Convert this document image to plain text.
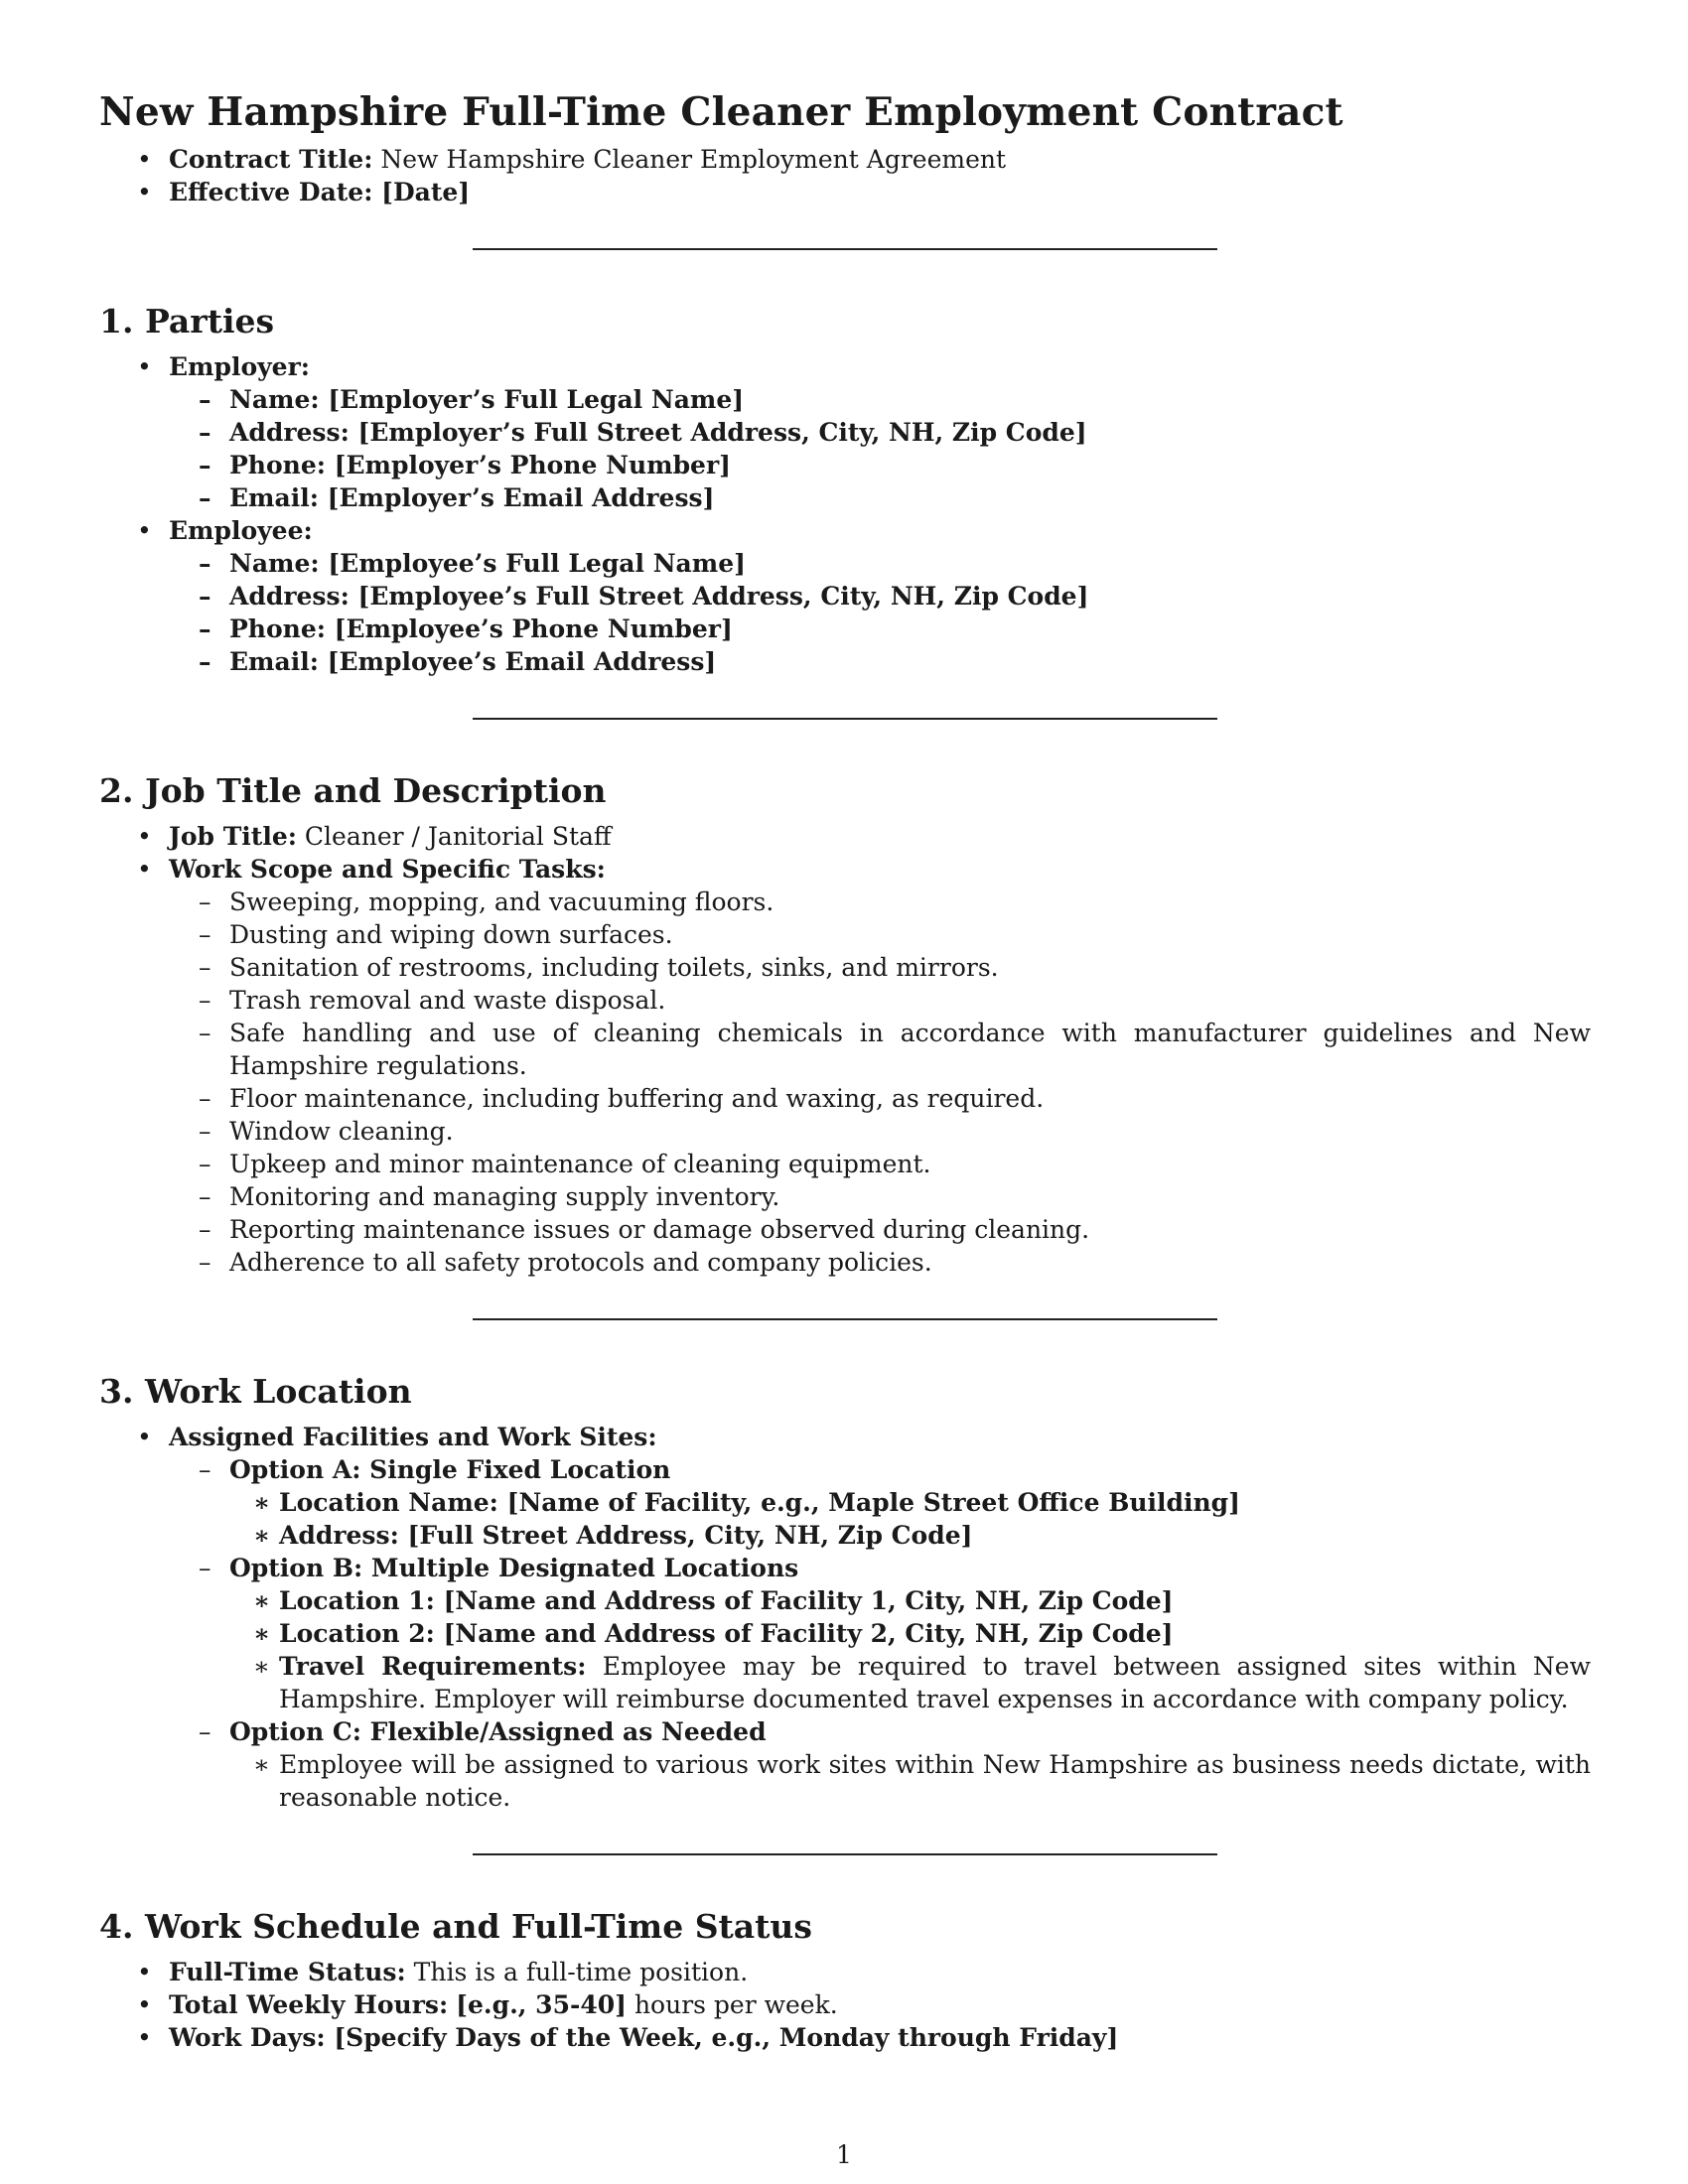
New Hampshire Full-Time Cleaner Employment Contract
• Contract Title: New Hampshire Cleaner Employment Agreement
• Effective Date: [Date]
1. Parties
• Employer:
– Name: [Employer’s Full Legal Name]
– Address: [Employer’s Full Street Address, City, NH, Zip Code]
– Phone: [Employer’s Phone Number]
– Email: [Employer’s Email Address]
• Employee:
– Name: [Employee’s Full Legal Name]
– Address: [Employee’s Full Street Address, City, NH, Zip Code]
– Phone: [Employee’s Phone Number]
– Email: [Employee’s Email Address]
2. Job Title and Description
• Job Title: Cleaner / Janitorial Staff
• Work Scope and Specific Tasks:
– Sweeping, mopping, and vacuuming floors.
– Dusting and wiping down surfaces.
– Sanitation of restrooms, including toilets, sinks, and mirrors.
– Trash removal and waste disposal.
– Safe handling and use of cleaning chemicals in accordance with manufacturer guidelines and New Hampshire regulations.
– Floor maintenance, including buffering and waxing, as required.
– Window cleaning.
– Upkeep and minor maintenance of cleaning equipment.
– Monitoring and managing supply inventory.
– Reporting maintenance issues or damage observed during cleaning.
– Adherence to all safety protocols and company policies.
3. Work Location
• Assigned Facilities and Work Sites:
– Option A: Single Fixed Location
∗ Location Name: [Name of Facility, e.g., Maple Street Office Building]
∗ Address: [Full Street Address, City, NH, Zip Code]
– Option B: Multiple Designated Locations
∗ Location 1: [Name and Address of Facility 1, City, NH, Zip Code]
∗ Location 2: [Name and Address of Facility 2, City, NH, Zip Code]
∗ Travel Requirements: Employee may be required to travel between assigned sites within New Hampshire. Employer will reimburse documented travel expenses in accordance with company policy.
– Option C: Flexible/Assigned as Needed
∗ Employee will be assigned to various work sites within New Hampshire as business needs dictate, with reasonable notice.
4. Work Schedule and Full-Time Status
• Full-Time Status: This is a full-time position.
• Total Weekly Hours: [e.g., 35-40] hours per week.
• Work Days: [Specify Days of the Week, e.g., Monday through Friday]
1
